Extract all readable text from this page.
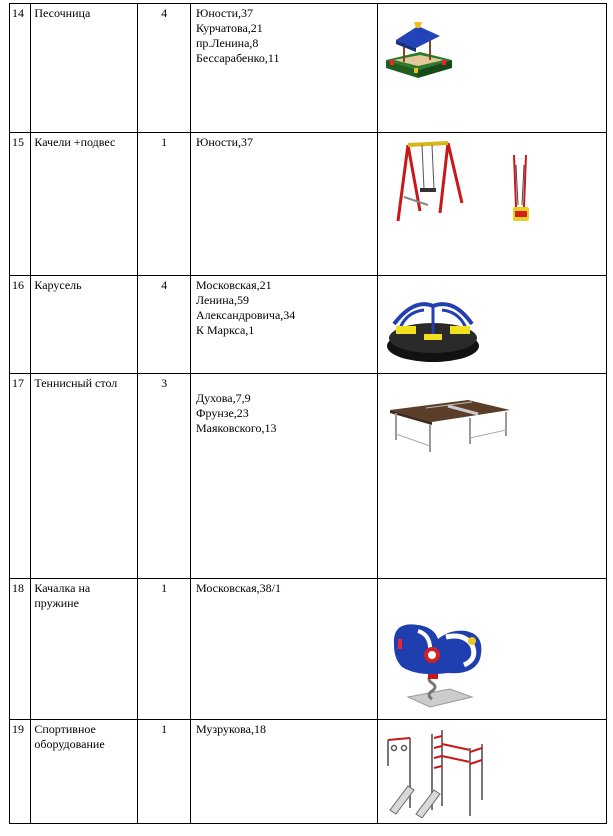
14	Песочница	4	Юности,37
Курчатова,21
пр.Ленина,8
Бессарабенко,11

15	Качели +подвес	1	Юности,37

16	Карусель	4	Московская,21
Ленина,59
Александровича,34
К Маркса,1

17	Теннисный стол	3	Духова,7,9
Фрунзе,23
Маяковского,13

18	Качалка на пружине	1	Московская,38/1

19	Спортивное оборудование	1	Музрукова,18
